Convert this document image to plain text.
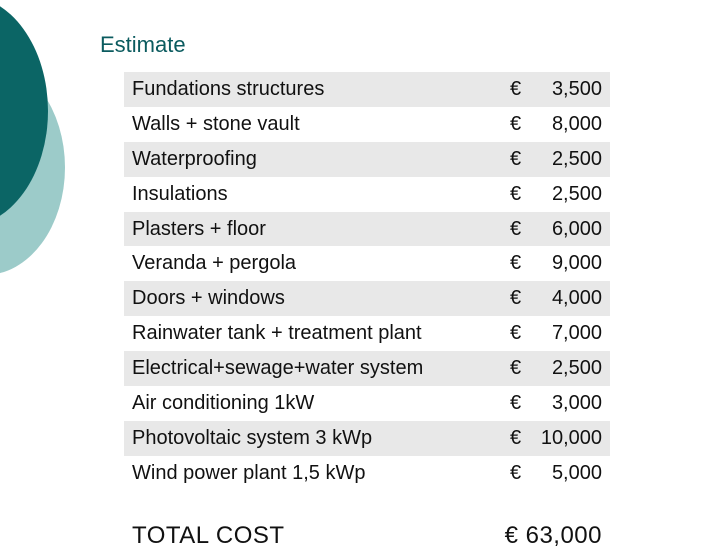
Estimate
Fundations structures	€	3,500
Walls + stone vault	€	8,000
Waterproofing	€	2,500
Insulations	€	2,500
Plasters + floor	€	6,000
Veranda + pergola	€	9,000
Doors + windows	€	4,000
Rainwater tank + treatment plant	€	7,000
Electrical+sewage+water system	€	2,500
Air conditioning 1kW	€	3,000
Photovoltaic system 3 kWp	€ 10,000
Wind power plant 1,5 kWp	€	5,000
TOTAL COST	€ 63,000
